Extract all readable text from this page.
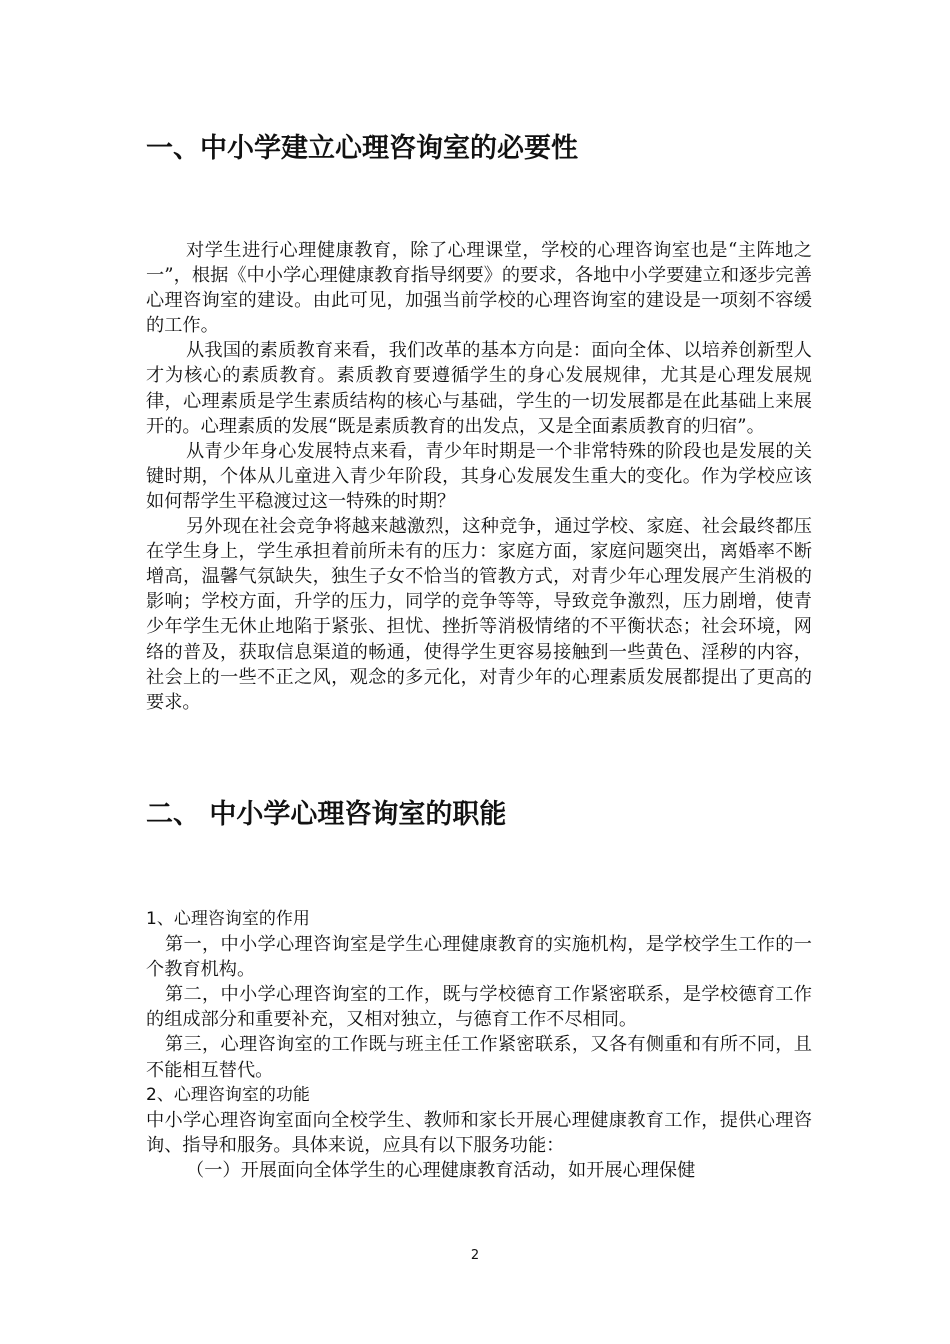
一、中小学建立心理咨询室的必要性

对学生进行心理健康教育，除了心理课堂，学校的心理咨询室也是“主阵地之一”，根据《中小学心理健康教育指导纲要》的要求，各地中小学要建立和逐步完善心理咨询室的建设。由此可见，加强当前学校的心理咨询室的建设是一项刻不容缓的工作。

从我国的素质教育来看，我们改革的基本方向是：面向全体、以培养创新型人才为核心的素质教育。素质教育要遵循学生的身心发展规律，尤其是心理发展规律，心理素质是学生素质结构的核心与基础，学生的一切发展都是在此基础上来展开的。心理素质的发展“既是素质教育的出发点，又是全面素质教育的归宿”。

从青少年身心发展特点来看，青少年时期是一个非常特殊的阶段也是发展的关键时期，个体从儿童进入青少年阶段，其身心发展发生重大的变化。作为学校应该如何帮学生平稳渡过这一特殊的时期？

另外现在社会竞争将越来越激烈，这种竞争，通过学校、家庭、社会最终都压在学生身上，学生承担着前所未有的压力：家庭方面，家庭问题突出，离婚率不断增高，温馨气氛缺失，独生子女不恰当的管教方式，对青少年心理发展产生消极的影响；学校方面，升学的压力，同学的竞争等等，导致竞争激烈，压力剧增，使青少年学生无休止地陷于紧张、担忧、挫折等消极情绪的不平衡状态；社会环境，网络的普及，获取信息渠道的畅通，使得学生更容易接触到一些黄色、淫秽的内容，社会上的一些不正之风，观念的多元化，对青少年的心理素质发展都提出了更高的要求。

二、 中小学心理咨询室的职能

1、心理咨询室的作用

第一，中小学心理咨询室是学生心理健康教育的实施机构，是学校学生工作的一个教育机构。

第二，中小学心理咨询室的工作，既与学校德育工作紧密联系，是学校德育工作的组成部分和重要补充，又相对独立，与德育工作不尽相同。

第三，心理咨询室的工作既与班主任工作紧密联系，又各有侧重和有所不同，且不能相互替代。

2、心理咨询室的功能

中小学心理咨询室面向全校学生、教师和家长开展心理健康教育工作，提供心理咨询、指导和服务。具体来说，应具有以下服务功能：

（一）开展面向全体学生的心理健康教育活动，如开展心理保健

2
